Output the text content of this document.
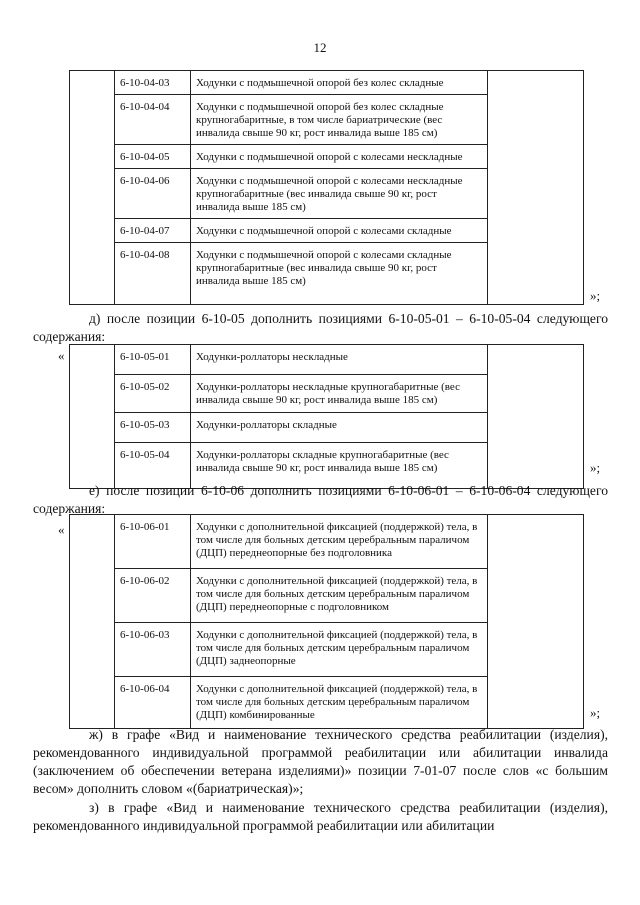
12
	6-10-04-03	Ходунки с подмышечной опорой без колес складные	
	6-10-04-04	Ходунки с подмышечной опорой без колес складные крупногабаритные, в том числе бариатрические (вес инвалида свыше 90 кг, рост инвалида выше 185 см)	
	6-10-04-05	Ходунки с подмышечной опорой с колесами нескладные	
	6-10-04-06	Ходунки с подмышечной опорой с колесами нескладные крупногабаритные (вес инвалида свыше 90 кг, рост инвалида выше 185 см)	
	6-10-04-07	Ходунки с подмышечной опорой с колесами складные	
	6-10-04-08	Ходунки с подмышечной опорой с колесами складные крупногабаритные (вес инвалида свыше 90 кг, рост инвалида выше 185 см)	
»;
д) после позиции 6-10-05 дополнить позициями 6-10-05-01 – 6-10-05-04 следующего содержания:
«
		6-10-05-01	Ходунки-роллаторы нескладные	
	6-10-05-02	Ходунки-роллаторы нескладные крупногабаритные (вес инвалида свыше 90 кг, рост инвалида выше 185 см)	
	6-10-05-03	Ходунки-роллаторы складные	
	6-10-05-04	Ходунки-роллаторы складные крупногабаритные (вес инвалида свыше 90 кг, рост инвалида выше 185 см)		»;
е) после позиции 6-10-06 дополнить позициями 6-10-06-01 – 6-10-06-04 следующего содержания:
«
		6-10-06-01	Ходунки с дополнительной фиксацией (поддержкой) тела, в том числе для больных детским церебральным параличом (ДЦП) переднеопорные без подголовника	
	6-10-06-02	Ходунки с дополнительной фиксацией (поддержкой) тела, в том числе для больных детским церебральным параличом (ДЦП) переднеопорные с подголовником	
	6-10-06-03	Ходунки с дополнительной фиксацией (поддержкой) тела, в том числе для больных детским церебральным параличом (ДЦП) заднеопорные	
	6-10-06-04	Ходунки с дополнительной фиксацией (поддержкой) тела, в том числе для больных детским церебральным параличом (ДЦП) комбинированные		»;
ж) в графе «Вид и наименование технического средства реабилитации (изделия), рекомендованного индивидуальной программой реабилитации или абилитации инвалида (заключением об обеспечении ветерана изделиями)» позиции 7-01-07 после слов «с большим весом» дополнить словом «(бариатрическая)»;
з) в графе «Вид и наименование технического средства реабилитации (изделия), рекомендованного индивидуальной программой реабилитации или абилитации
